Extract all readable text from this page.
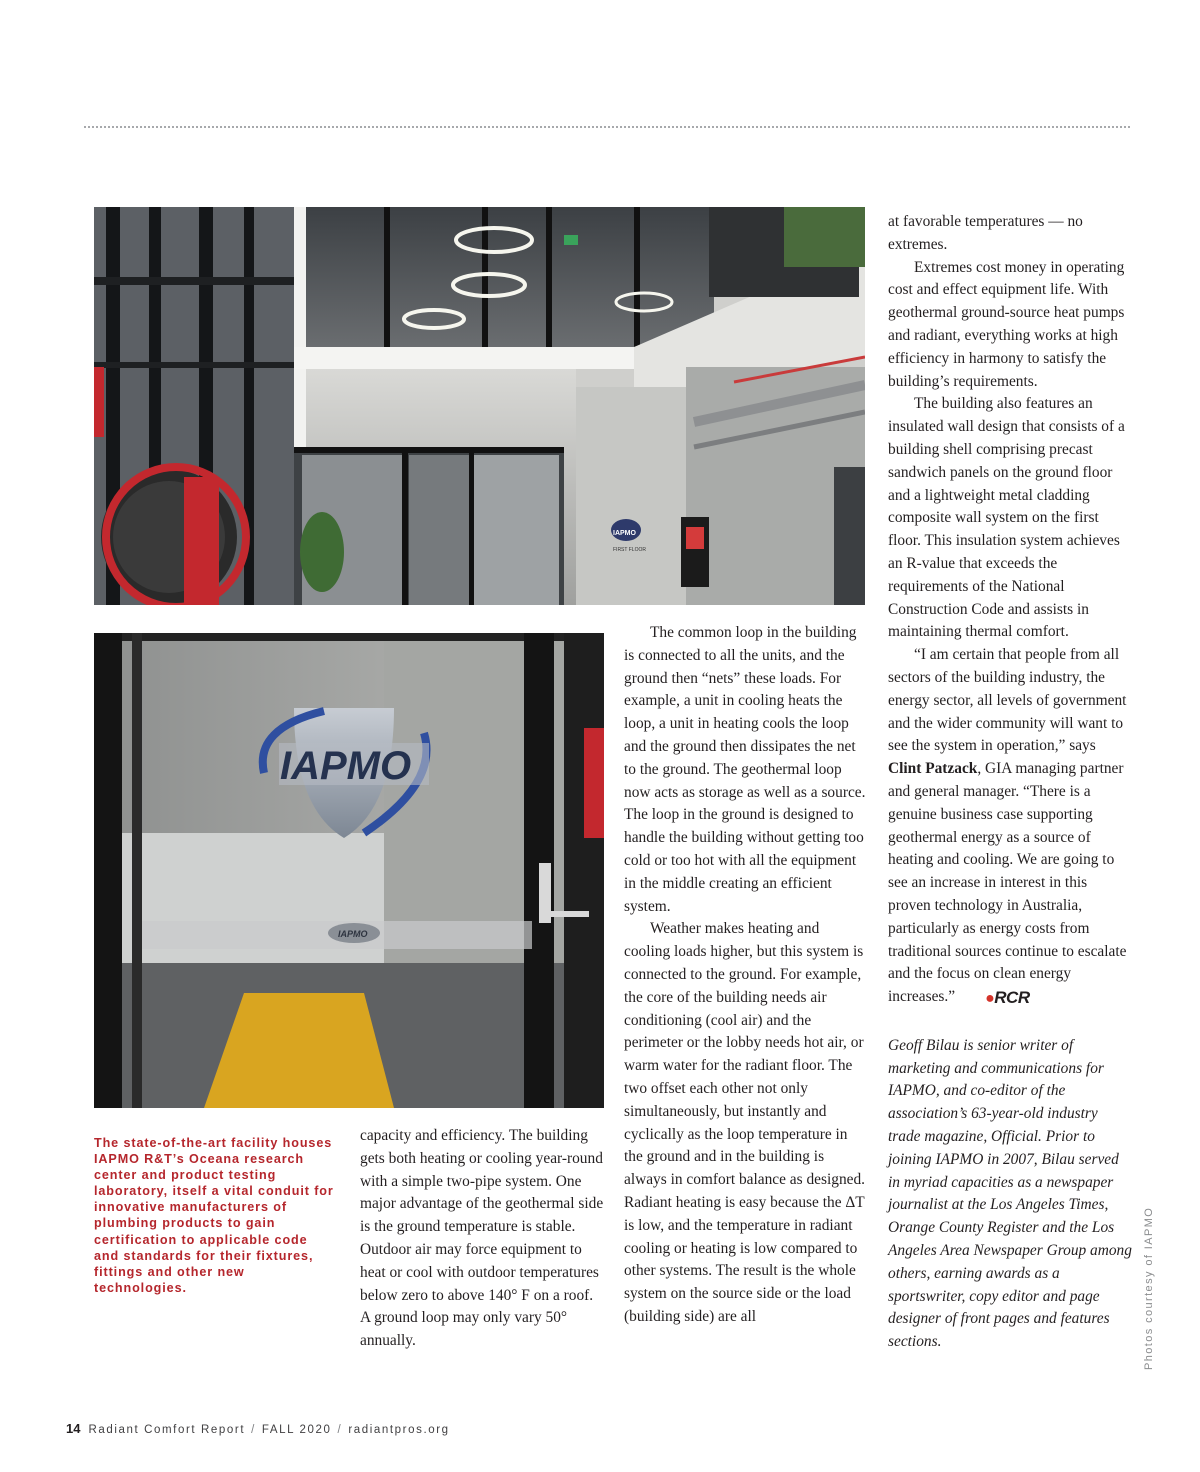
IAPMO
FIRST FLOOR
IAPMO
IAPMO

The state-of-the-art facility houses IAPMO R&T’s Oceana research center and product testing laboratory, itself a vital conduit for innovative manufacturers of plumbing products to gain certification to applicable code and standards for their fixtures, fittings and other new technologies.

capacity and efficiency. The building gets both heating or cooling year-round with a simple two-pipe system. One major advantage of the geothermal side is the ground temperature is stable. Outdoor air may force equipment to heat or cool with outdoor temperatures below zero to above 140° F on a roof. A ground loop may only vary 50° annually.

The common loop in the building is connected to all the units, and the ground then “nets” these loads. For example, a unit in cooling heats the loop, a unit in heating cools the loop and the ground then dissipates the net to the ground. The geothermal loop now acts as storage as well as a source. The loop in the ground is designed to handle the building without getting too cold or too hot with all the equipment in the middle creating an efficient system.

Weather makes heating and cooling loads higher, but this system is connected to the ground. For example, the core of the building needs air conditioning (cool air) and the perimeter or the lobby needs hot air, or warm water for the radiant floor. The two offset each other not only simultaneously, but instantly and cyclically as the loop temperature in the ground and in the building is always in comfort balance as designed. Radiant heating is easy because the ΔT is low, and the temperature in radiant cooling or heating is low compared to other systems. The result is the whole system on the source side or the load (building side) are all

at favorable temperatures — no extremes.

Extremes cost money in operating cost and effect equipment life. With geothermal ground-source heat pumps and radiant, everything works at high efficiency in harmony to satisfy the building’s requirements.

The building also features an insulated wall design that consists of a building shell comprising precast sandwich panels on the ground floor and a lightweight metal cladding composite wall system on the first floor. This insulation system achieves an R-value that exceeds the requirements of the National Construction Code and assists in maintaining thermal comfort.

“I am certain that people from all sectors of the building industry, the energy sector, all levels of government and the wider community will want to see the system in operation,” says Clint Patzack, GIA managing partner and general manager. “There is a genuine business case supporting geothermal energy as a source of heating and cooling. We are going to see an increase in interest in this proven technology in Australia, particularly as energy costs from traditional sources continue to escalate and the focus on clean energy increases.” ●RCR

Geoff Bilau is senior writer of marketing and communications for IAPMO, and co-editor of the association’s 63-year-old industry trade magazine, Official. Prior to joining IAPMO in 2007, Bilau served in myriad capacities as a newspaper journalist at the Los Angeles Times, Orange County Register and the Los Angeles Area Newspaper Group among others, earning awards as a sportswriter, copy editor and page designer of front pages and features sections.	Photos courtesy of IAPMO
14 Radiant Comfort Report / FALL 2020 / radiantpros.org
